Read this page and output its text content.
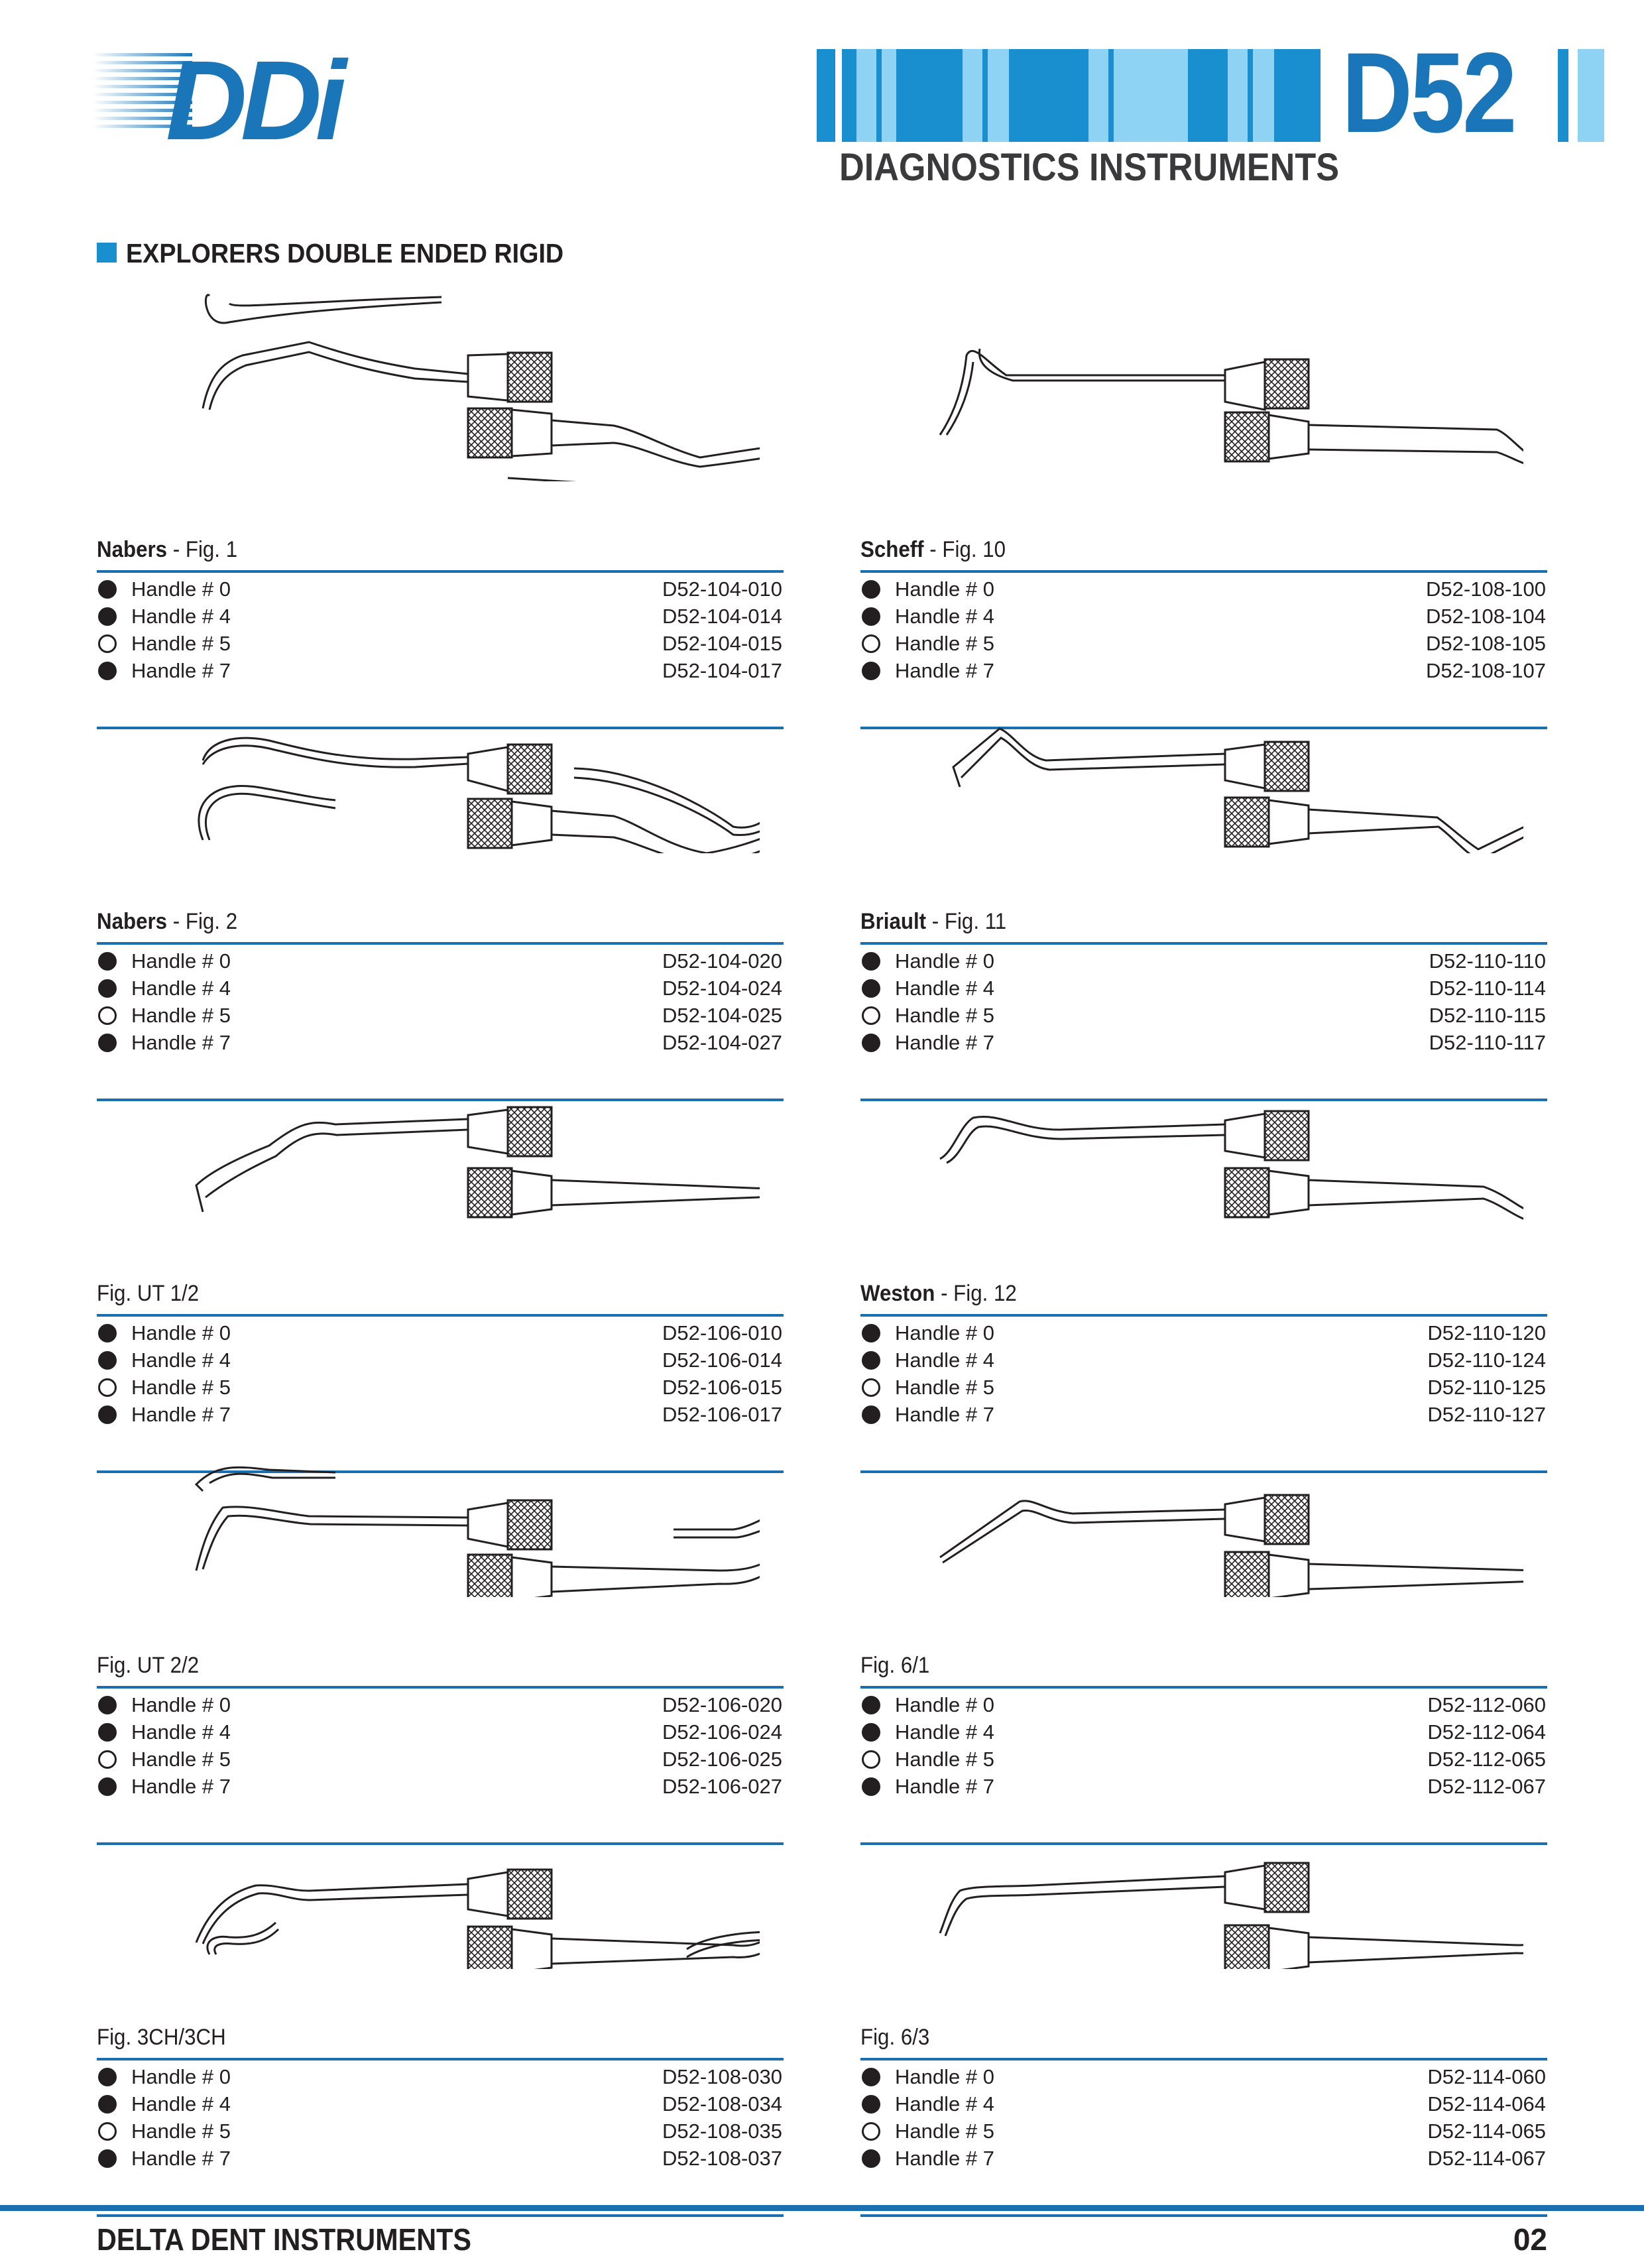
DDi	D52
DIAGNOSTICS INSTRUMENTS
EXPLORERS DOUBLE ENDED RIGID
Nabers - Fig. 1
Handle # 0	D52-104-010
Handle # 4	D52-104-014
Handle # 5	D52-104-015
Handle # 7	D52-104-017
Scheff - Fig. 10
Handle # 0	D52-108-100
Handle # 4	D52-108-104
Handle # 5	D52-108-105
Handle # 7	D52-108-107
Nabers - Fig. 2
Handle # 0	D52-104-020
Handle # 4	D52-104-024
Handle # 5	D52-104-025
Handle # 7	D52-104-027
Briault - Fig. 11
Handle # 0	D52-110-110
Handle # 4	D52-110-114
Handle # 5	D52-110-115
Handle # 7	D52-110-117
Fig. UT 1/2
Handle # 0	D52-106-010
Handle # 4	D52-106-014
Handle # 5	D52-106-015
Handle # 7	D52-106-017
Weston - Fig. 12
Handle # 0	D52-110-120
Handle # 4	D52-110-124
Handle # 5	D52-110-125
Handle # 7	D52-110-127
Fig. UT 2/2
Handle # 0	D52-106-020
Handle # 4	D52-106-024
Handle # 5	D52-106-025
Handle # 7	D52-106-027
Fig. 6/1
Handle # 0	D52-112-060
Handle # 4	D52-112-064
Handle # 5	D52-112-065
Handle # 7	D52-112-067
Fig. 3CH/3CH
Handle # 0	D52-108-030
Handle # 4	D52-108-034
Handle # 5	D52-108-035
Handle # 7	D52-108-037
Fig. 6/3
Handle # 0	D52-114-060
Handle # 4	D52-114-064
Handle # 5	D52-114-065
Handle # 7	D52-114-067
DELTA DENT INSTRUMENTS	02
